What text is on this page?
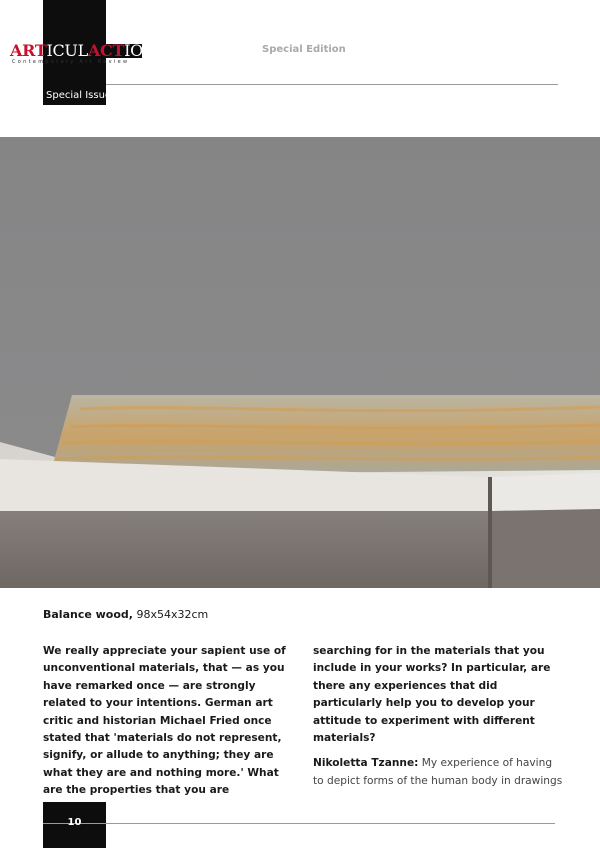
ARTICULACTION
Contemporary Art Review
Special Issue
Special Edition
Balance wood, 98x54x32cm
We really appreciate your sapient use of unconventional materials, that — as you have remarked once — are strongly related to your intentions. German art critic and historian Michael Fried once stated that 'materials do not represent, signify, or allude to anything; they are what they are and nothing more.' What are the properties that you are
searching for in the materials that you include in your works? In particular, are there any experiences that did particularly help you to develop your attitude to experiment with different materials?
Nikoletta Tzanne: My experience of having to depict forms of the human body in drawings
10
